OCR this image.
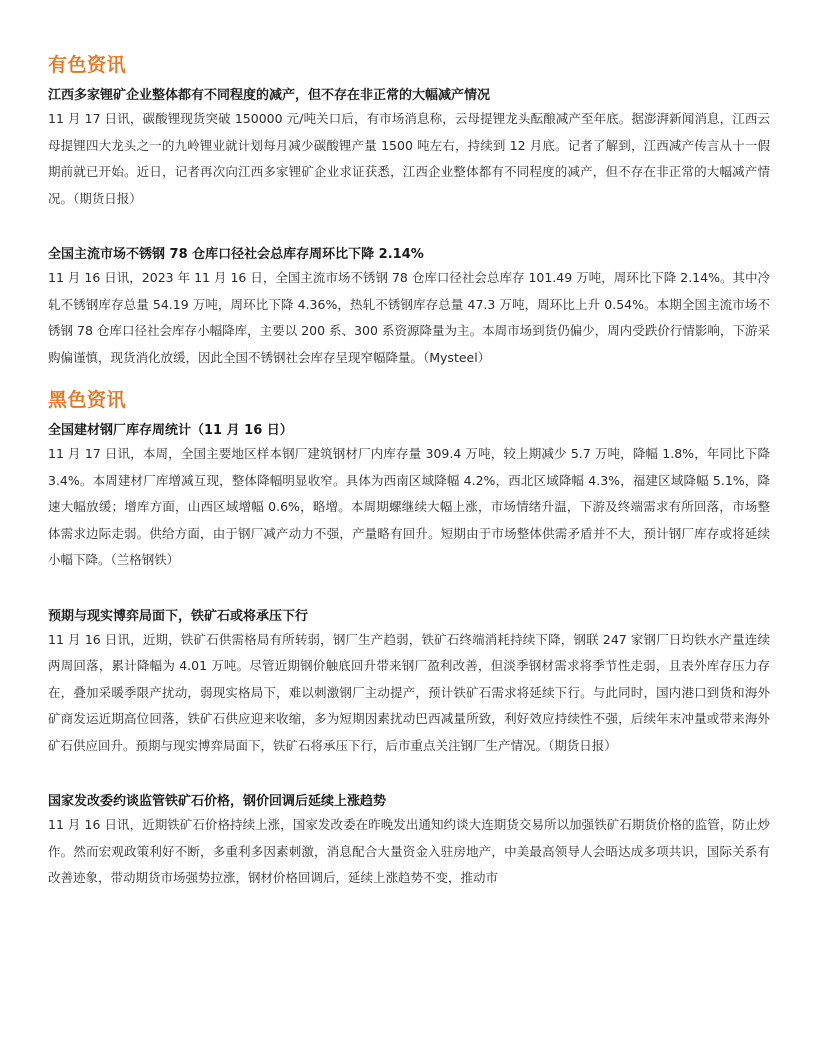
有色资讯

江西多家锂矿企业整体都有不同程度的减产，但不存在非正常的大幅减产情况

11 月 17 日讯，碳酸锂现货突破 150000 元/吨关口后，有市场消息称，云母提锂龙头酝酿减产至年底。据澎湃新闻消息，江西云母提锂四大龙头之一的九岭锂业就计划每月减少碳酸锂产量 1500 吨左右，持续到 12 月底。记者了解到，江西减产传言从十一假期前就已开始。近日，记者再次向江西多家锂矿企业求证获悉，江西企业整体都有不同程度的减产，但不存在非正常的大幅减产情况。（期货日报）

全国主流市场不锈钢 78 仓库口径社会总库存周环比下降 2.14%

11 月 16 日讯，2023 年 11 月 16 日，全国主流市场不锈钢 78 仓库口径社会总库存 101.49 万吨，周环比下降 2.14%。其中冷轧不锈钢库存总量 54.19 万吨，周环比下降 4.36%，热轧不锈钢库存总量 47.3 万吨，周环比上升 0.54%。本期全国主流市场不锈钢 78 仓库口径社会库存小幅降库，主要以 200 系、300 系资源降量为主。本周市场到货仍偏少，周内受跌价行情影响，下游采购偏谨慎，现货消化放缓，因此全国不锈钢社会库存呈现窄幅降量。（Mysteel）

黑色资讯

全国建材钢厂库存周统计（11 月 16 日）

11 月 17 日讯，本周，全国主要地区样本钢厂建筑钢材厂内库存量 309.4 万吨，较上期减少 5.7 万吨，降幅 1.8%，年同比下降 3.4%。本周建材厂库增减互现，整体降幅明显收窄。具体为西南区域降幅 4.2%，西北区域降幅 4.3%，福建区域降幅 5.1%，降速大幅放缓；增库方面，山西区域增幅 0.6%，略增。本周期螺继续大幅上涨，市场情绪升温，下游及终端需求有所回落，市场整体需求边际走弱。供给方面，由于钢厂减产动力不强，产量略有回升。短期由于市场整体供需矛盾并不大，预计钢厂库存或将延续小幅下降。（兰格钢铁）

预期与现实博弈局面下，铁矿石或将承压下行

11 月 16 日讯，近期，铁矿石供需格局有所转弱，钢厂生产趋弱，铁矿石终端消耗持续下降，钢联 247 家钢厂日均铁水产量连续两周回落，累计降幅为 4.01 万吨。尽管近期钢价触底回升带来钢厂盈利改善，但淡季钢材需求将季节性走弱，且表外库存压力存在，叠加采暖季限产扰动，弱现实格局下，难以刺激钢厂主动提产，预计铁矿石需求将延续下行。与此同时，国内港口到货和海外矿商发运近期高位回落，铁矿石供应迎来收缩，多为短期因素扰动巴西减量所致，利好效应持续性不强，后续年末冲量或带来海外矿石供应回升。预期与现实博弈局面下，铁矿石将承压下行，后市重点关注钢厂生产情况。（期货日报）

国家发改委约谈监管铁矿石价格，钢价回调后延续上涨趋势

11 月 16 日讯，近期铁矿石价格持续上涨，国家发改委在昨晚发出通知约谈大连期货交易所以加强铁矿石期货价格的监管，防止炒作。然而宏观政策利好不断，多重利多因素刺激，消息配合大量资金入驻房地产，中美最高领导人会晤达成多项共识，国际关系有改善迹象，带动期货市场强势拉涨，钢材价格回调后，延续上涨趋势不变，推动市
